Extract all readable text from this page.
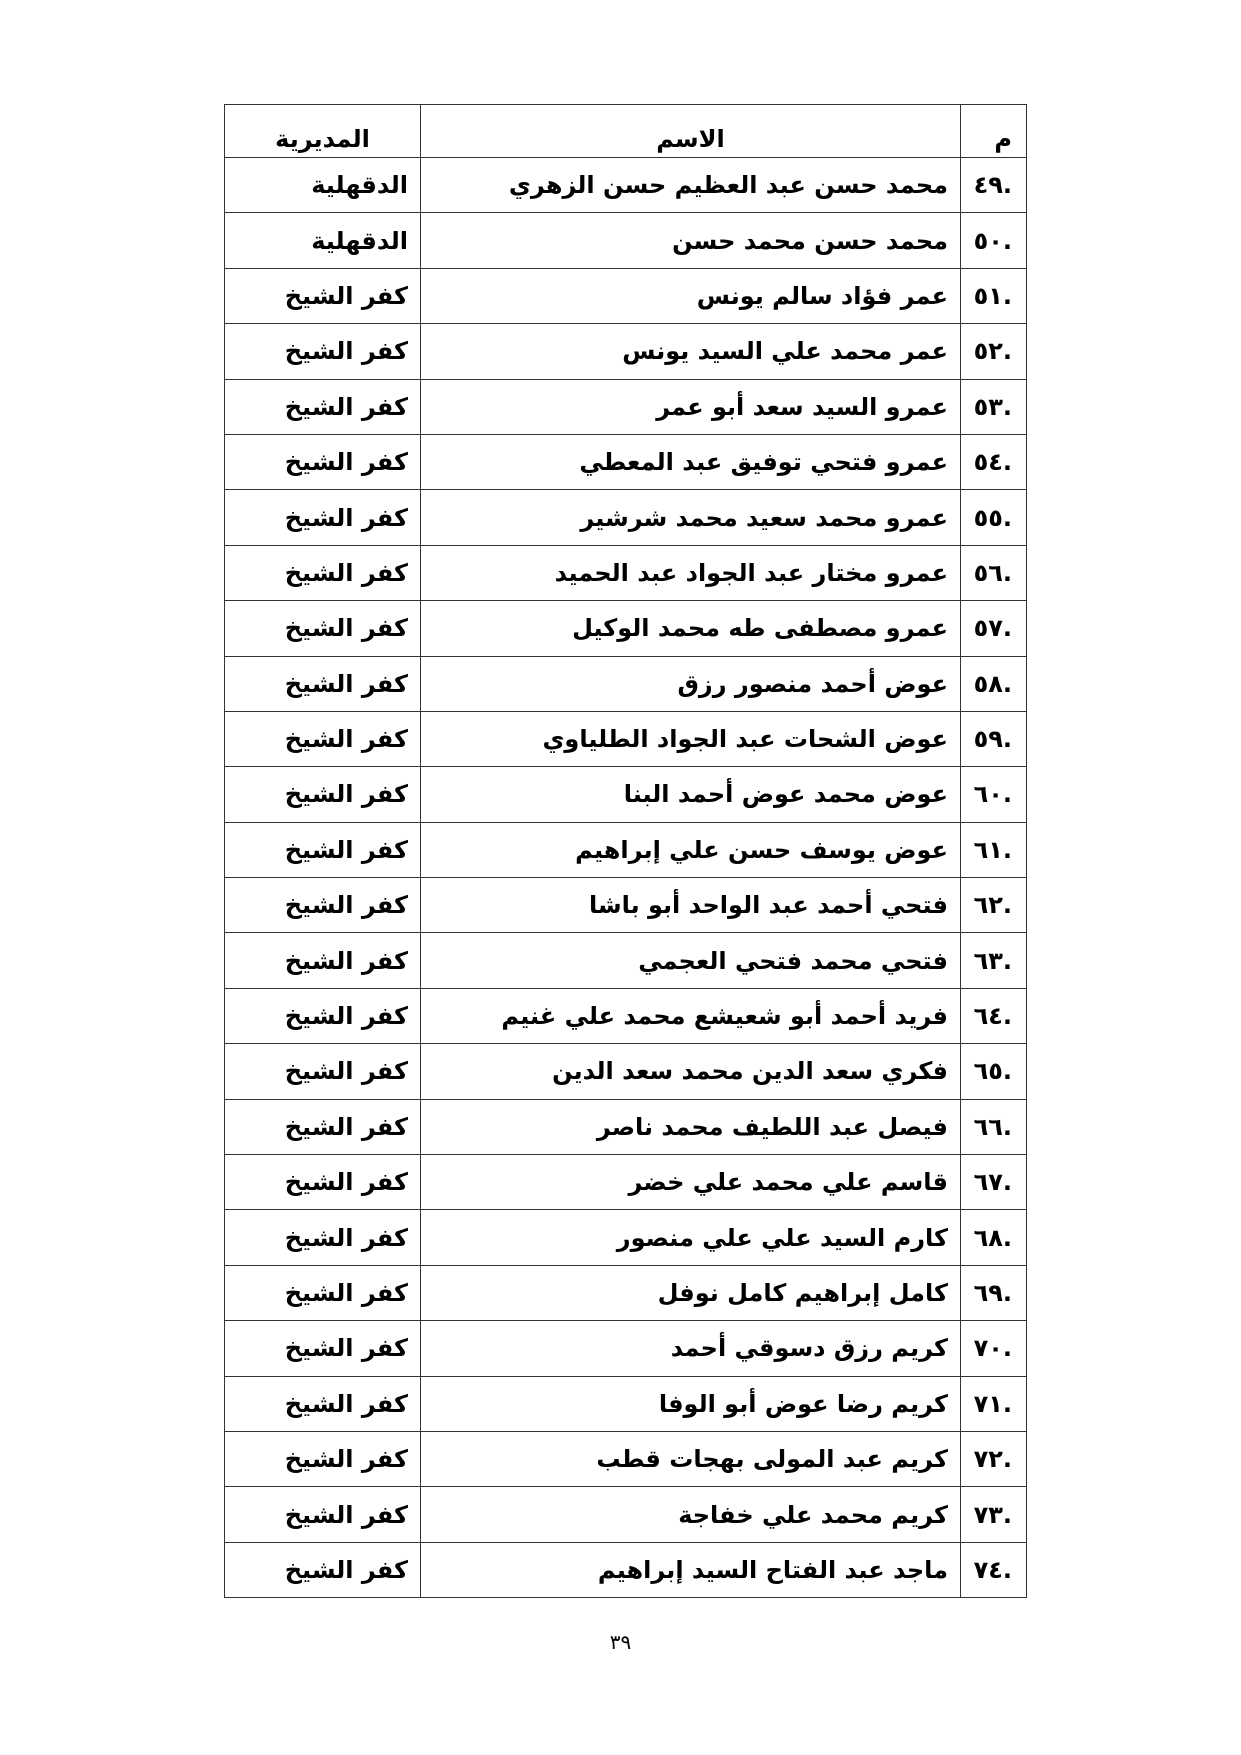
م	الاسم	المديرية
.٤٩	محمد حسن عبد العظيم حسن الزهري	الدقهلية
.٥٠	محمد حسن محمد حسن	الدقهلية
.٥١	عمر فؤاد سالم يونس	كفر الشيخ
.٥٢	عمر محمد علي السيد يونس	كفر الشيخ
.٥٣	عمرو السيد سعد أبو عمر	كفر الشيخ
.٥٤	عمرو فتحي توفيق عبد المعطي	كفر الشيخ
.٥٥	عمرو محمد سعيد محمد شرشير	كفر الشيخ
.٥٦	عمرو مختار عبد الجواد عبد الحميد	كفر الشيخ
.٥٧	عمرو مصطفى طه محمد الوكيل	كفر الشيخ
.٥٨	عوض أحمد منصور رزق	كفر الشيخ
.٥٩	عوض الشحات عبد الجواد الطلياوي	كفر الشيخ
.٦٠	عوض محمد عوض أحمد البنا	كفر الشيخ
.٦١	عوض يوسف حسن علي إبراهيم	كفر الشيخ
.٦٢	فتحي أحمد عبد الواحد أبو باشا	كفر الشيخ
.٦٣	فتحي محمد فتحي العجمي	كفر الشيخ
.٦٤	فريد أحمد أبو شعيشع محمد علي غنيم	كفر الشيخ
.٦٥	فكري سعد الدين محمد سعد الدين	كفر الشيخ
.٦٦	فيصل عبد اللطيف محمد ناصر	كفر الشيخ
.٦٧	قاسم علي محمد علي خضر	كفر الشيخ
.٦٨	كارم السيد علي علي منصور	كفر الشيخ
.٦٩	كامل إبراهيم كامل نوفل	كفر الشيخ
.٧٠	كريم رزق دسوقي أحمد	كفر الشيخ
.٧١	كريم رضا عوض أبو الوفا	كفر الشيخ
.٧٢	كريم عبد المولى بهجات قطب	كفر الشيخ
.٧٣	كريم محمد علي خفاجة	كفر الشيخ
.٧٤	ماجد عبد الفتاح السيد إبراهيم	كفر الشيخ
٣٩
